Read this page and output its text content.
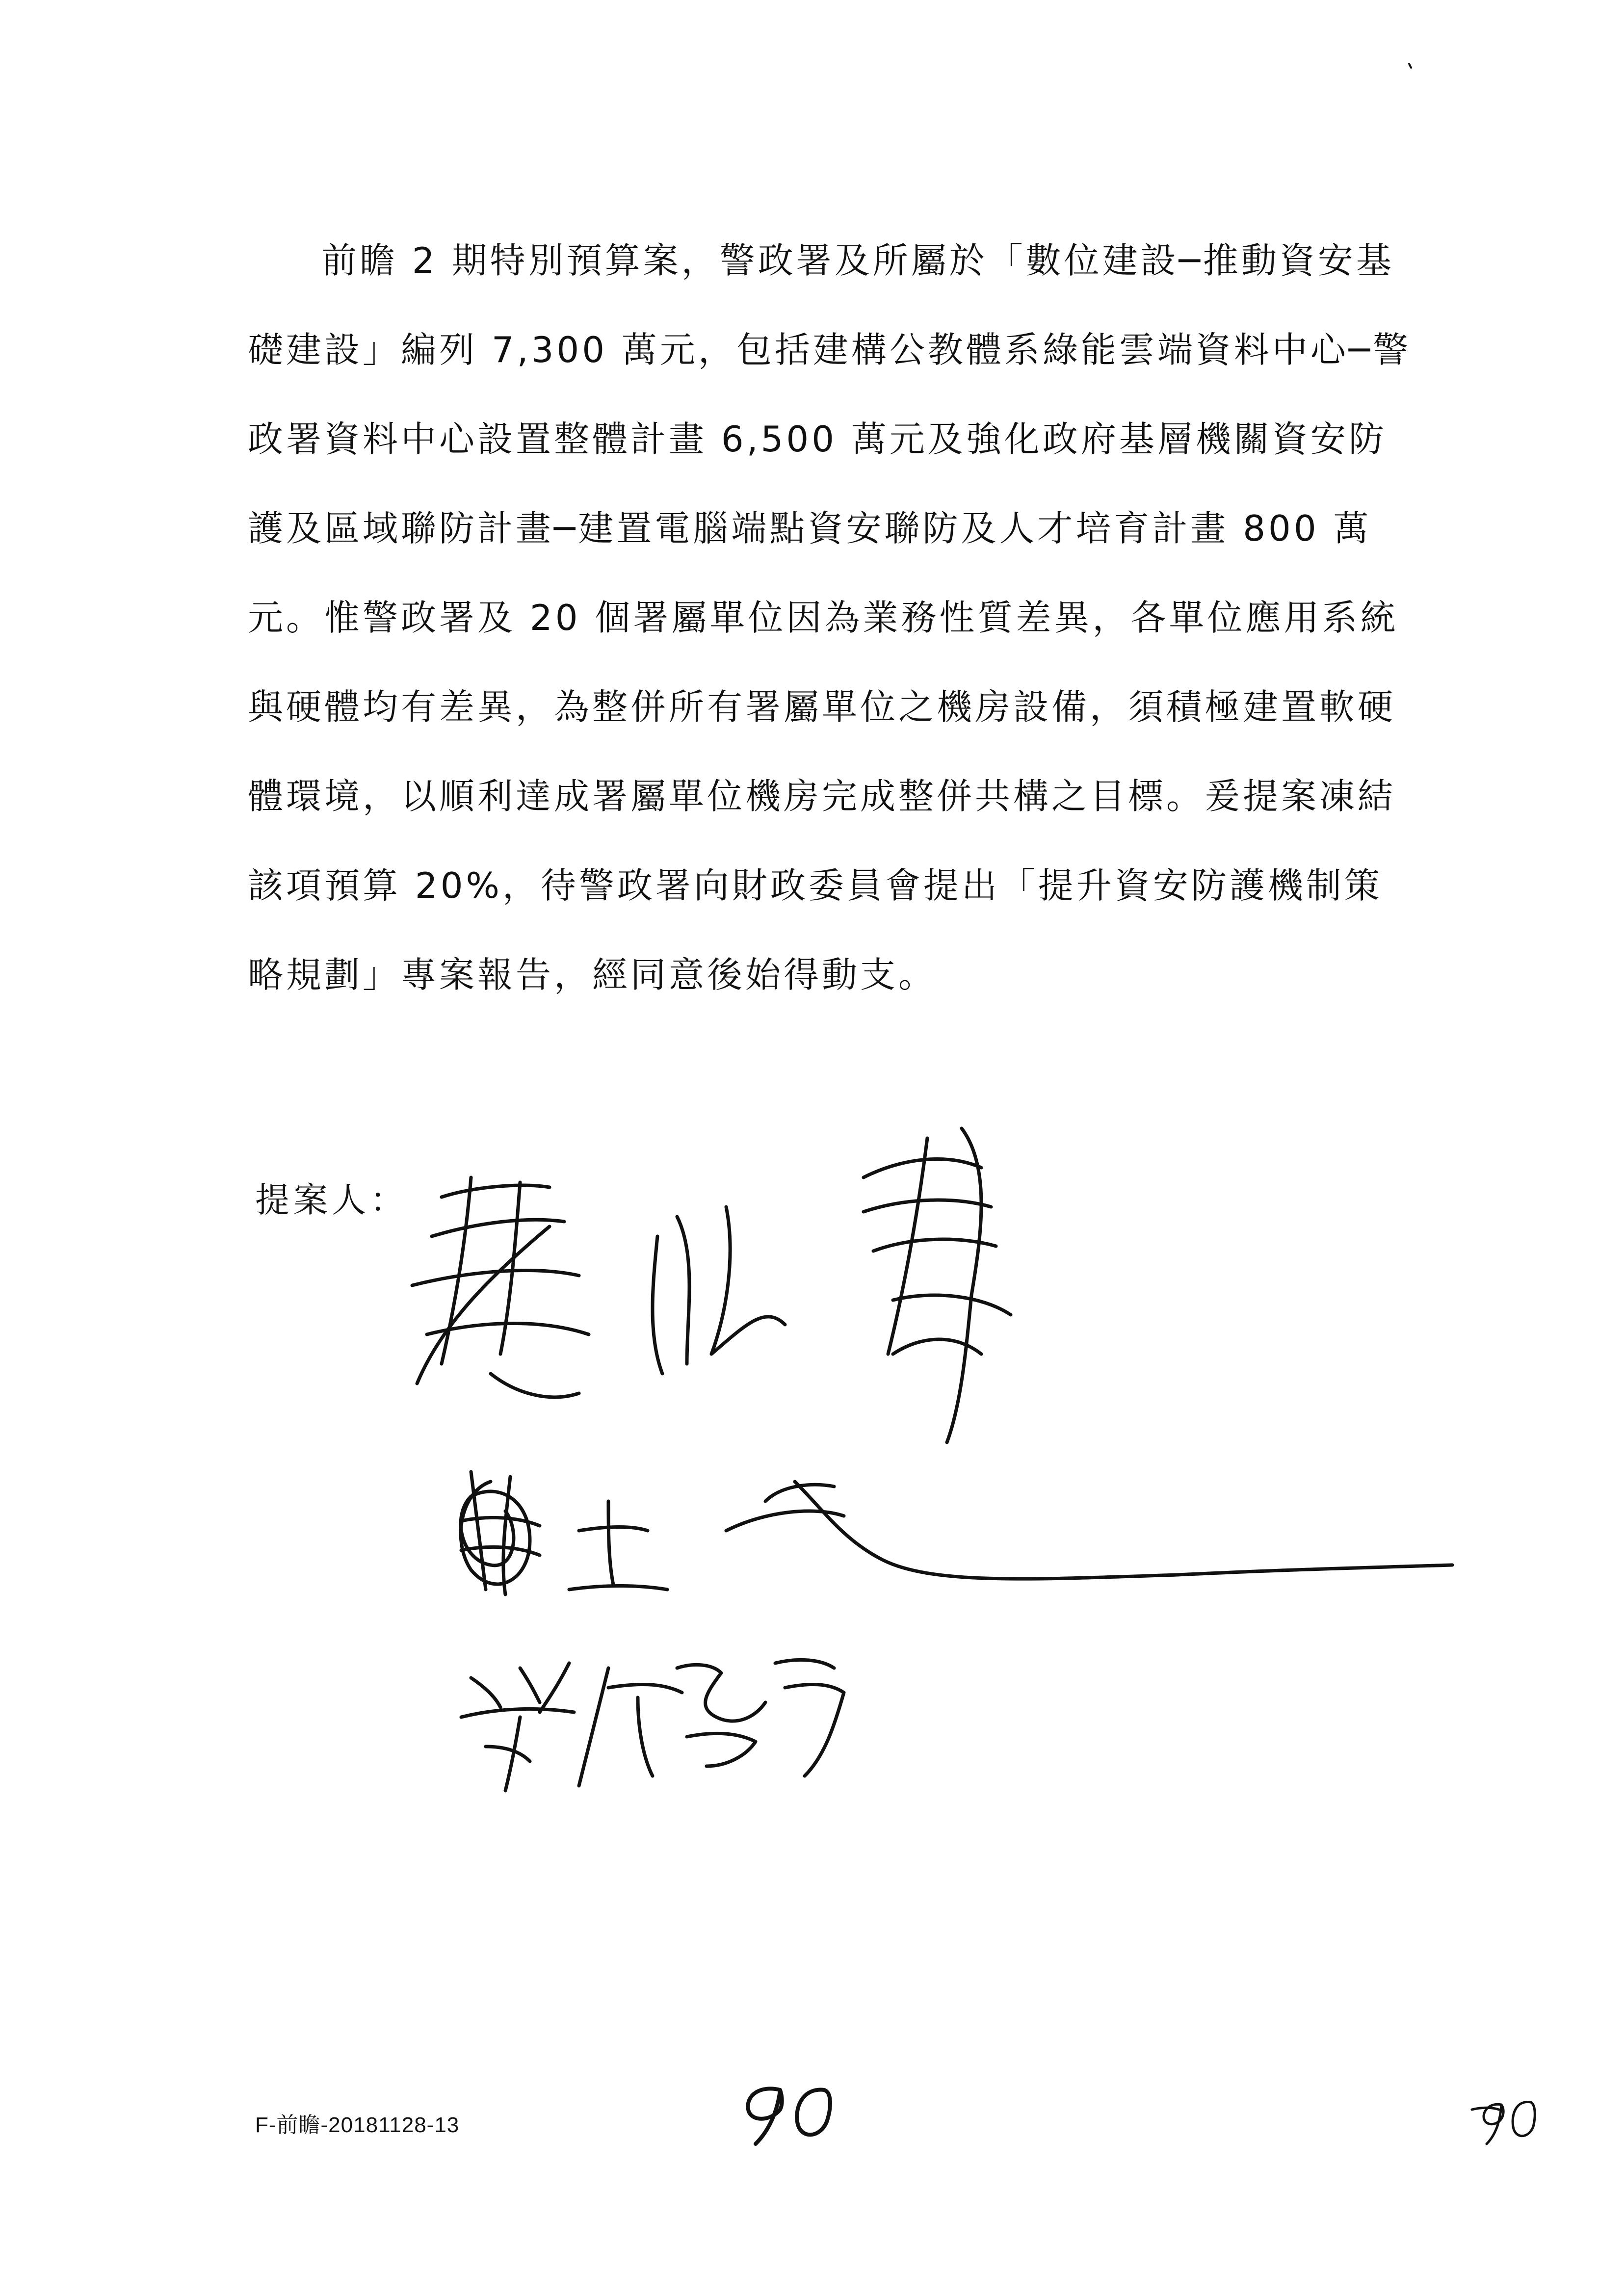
前瞻 2 期特別預算案，警政署及所屬於「數位建設─推動資安基
礎建設」編列 7,300 萬元，包括建構公教體系綠能雲端資料中心─警
政署資料中心設置整體計畫 6,500 萬元及強化政府基層機關資安防
護及區域聯防計畫─建置電腦端點資安聯防及人才培育計畫 800 萬
元。惟警政署及 20 個署屬單位因為業務性質差異，各單位應用系統
與硬體均有差異，為整併所有署屬單位之機房設備，須積極建置軟硬
體環境，以順利達成署屬單位機房完成整併共構之目標。爰提案凍結
該項預算 20%，待警政署向財政委員會提出「提升資安防護機制策
略規劃」專案報告，經同意後始得動支。
提案人：
F-前瞻-20181128-13
